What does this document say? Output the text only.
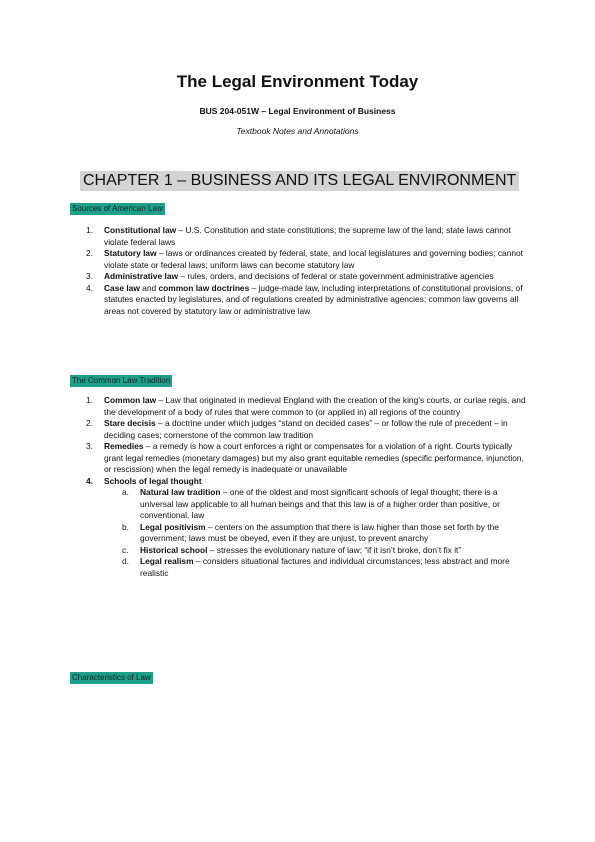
The Legal Environment Today
BUS 204-051W – Legal Environment of Business
Textbook Notes and Annotations
CHAPTER 1 – BUSINESS AND ITS LEGAL ENVIRONMENT
Sources of American Law
1. Constitutional law – U.S. Constitution and state constitutions; the supreme law of the land; state laws cannot violate federal laws
2. Statutory law – laws or ordinances created by federal, state, and local legislatures and governing bodies; cannot violate state or federal laws; uniform laws can become statutory law
3. Administrative law – rules, orders, and decisions of federal or state government administrative agencies
4. Case law and common law doctrines – judge-made law, including interpretations of constitutional provisions, of statutes enacted by legislatures, and of regulations created by administrative agencies; common law governs all areas not covered by statutory law or administrative law
The Common Law Tradition
1. Common law – Law that originated in medieval England with the creation of the king’s courts, or curiae regis, and the development of a body of rules that were common to (or applied in) all regions of the country
2. Stare decisis – a doctrine under which judges “stand on decided cases” – or follow the rule of precedent – in deciding cases; cornerstone of the common law tradition
3. Remedies – a remedy is how a court enforces a right or compensates for a violation of a right. Courts typically grant legal remedies (monetary damages) but my also grant equitable remedies (specific performance, injunction, or rescission) when the legal remedy is inadequate or unavailable
4. Schools of legal thought
a. Natural law tradition – one of the oldest and most significant schools of legal thought; there is a universal law applicable to all human beings and that this law is of a higher order than positive, or conventional, law
b. Legal positivism – centers on the assumption that there is law higher than those set forth by the government; laws must be obeyed, even if they are unjust, to prevent anarchy
c. Historical school – stresses the evolutionary nature of law; “if it isn’t broke, don’t fix it”
d. Legal realism – considers situational factures and individual circumstances; less abstract and more realistic
Characteristics of Law
